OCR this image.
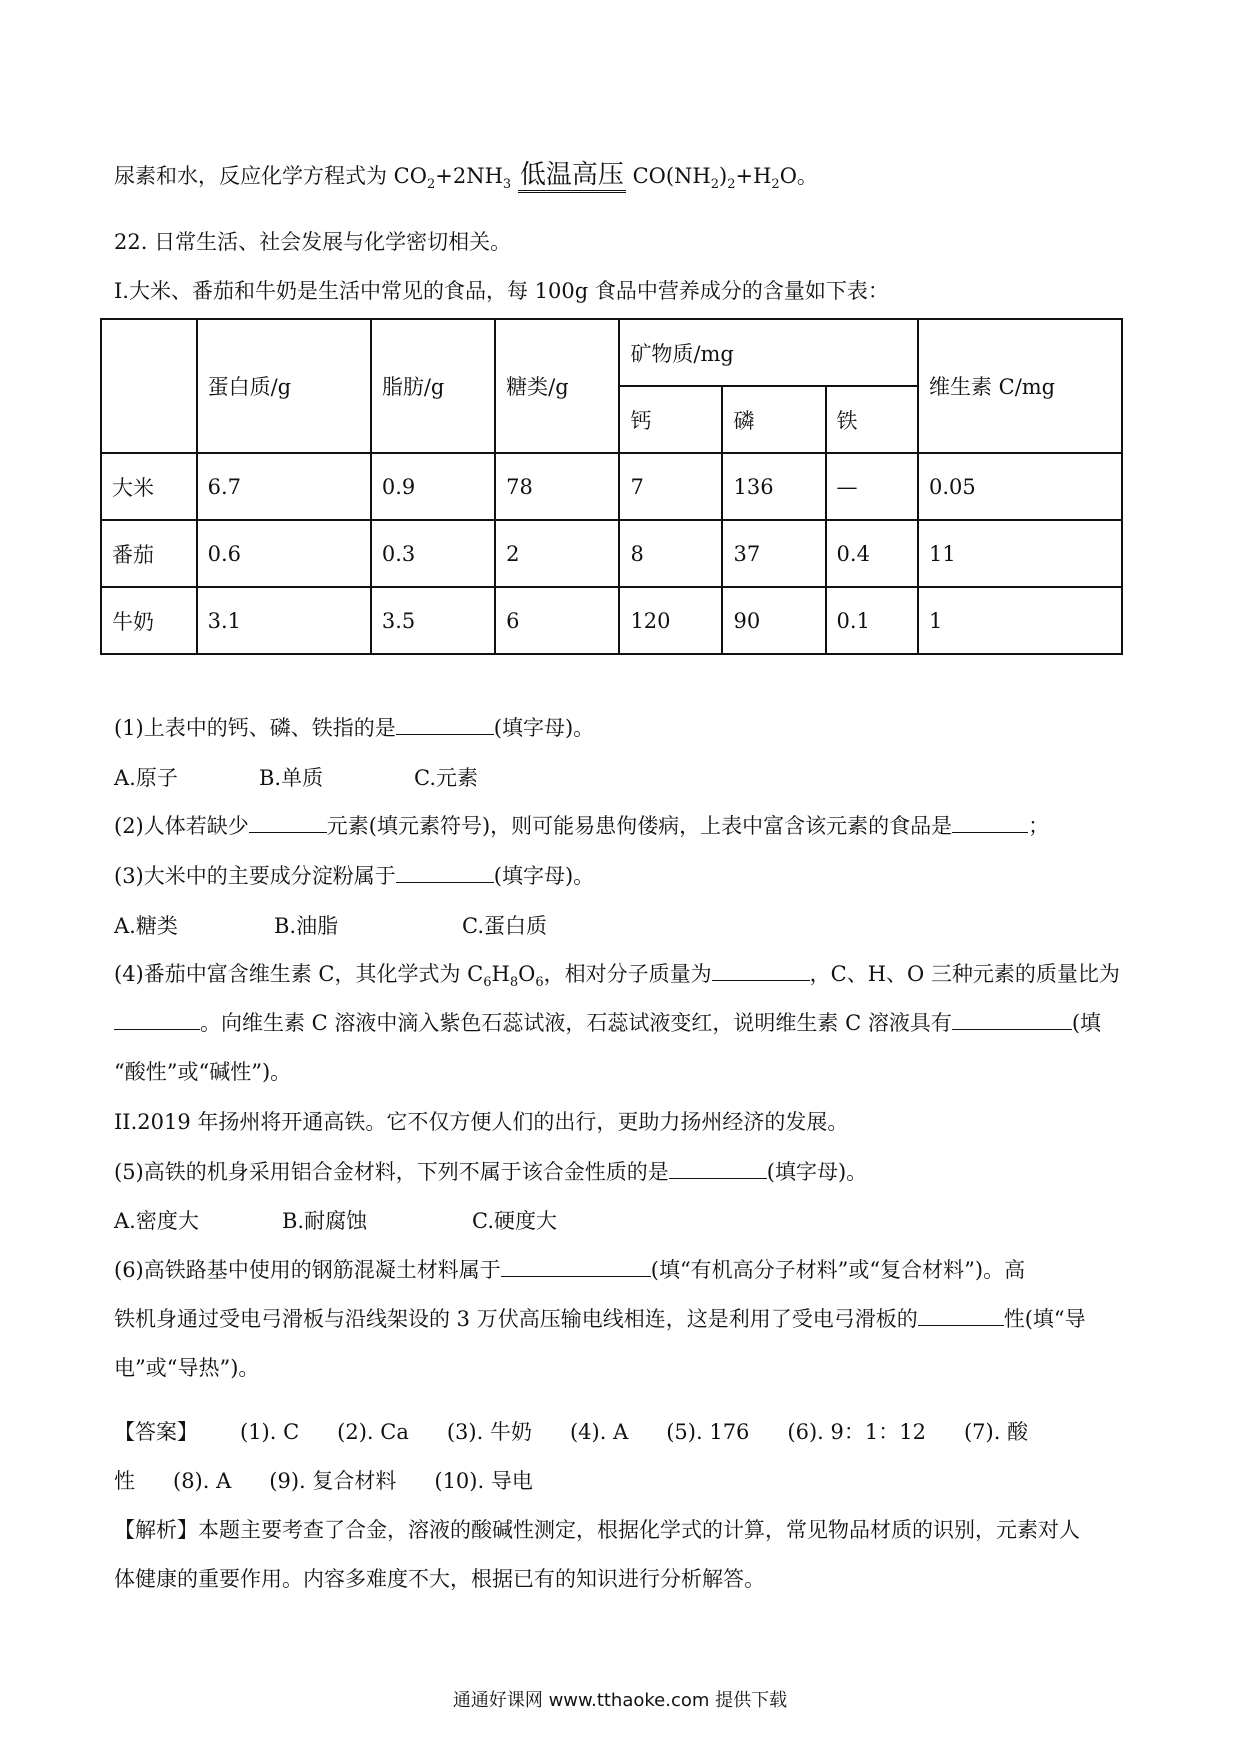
尿素和水，反应化学方程式为 $CO_2+2NH_3$ 低温高压 $CO(NH_2)_2+H_2O$。
22. 日常生活、社会发展与化学密切相关。
I.大米、番茄和牛奶是生活中常见的食品，每 100g 食品中营养成分的含量如下表：
	蛋白质/g	脂肪/g	糖类/g	矿物质/mg			维生素 C/mg
				钙	磷	铁	
大米	6.7	0.9	78	7	136	—	0.05
番茄	0.6	0.3	2	8	37	0.4	11
牛奶	3.1	3.5	6	120	90	0.1	1
(1)上表中的钙、磷、铁指的是	(填字母)。
A.原子	B.单质	C.元素
(2)人体若缺少	元素(填元素符号)，则可能易患佝偻病，上表中富含该元素的食品是	；
(3)大米中的主要成分淀粉属于	(填字母)。
A.糖类	B.油脂	C.蛋白质
(4)番茄中富含维生素 C，其化学式为 $C_6H_8O_6$，相对分子质量为	，C、H、O 三种元素的质量比为
。向维生素 C 溶液中滴入紫色石蕊试液，石蕊试液变红，说明维生素 C 溶液具有	(填
“酸性”或“碱性”)。
II.2019 年扬州将开通高铁。它不仅方便人们的出行，更助力扬州经济的发展。
(5)高铁的机身采用铝合金材料，下列不属于该合金性质的是	(填字母)。
A.密度大	B.耐腐蚀	C.硬度大
(6)高铁路基中使用的钢筋混凝土材料属于	(填“有机高分子材料”或“复合材料”)。高
铁机身通过受电弓滑板与沿线架设的 3 万伏高压输电线相连，这是利用了受电弓滑板的	性(填“导
电”或“导热”)。
【答案】 (1). C (2). Ca (3). 牛奶 (4). A (5). 176 (6). 9：1：12 (7). 酸
性 (8). A (9). 复合材料 (10). 导电
【解析】本题主要考查了合金，溶液的酸碱性测定，根据化学式的计算，常见物品材质的识别，元素对人
体健康的重要作用。内容多难度不大，根据已有的知识进行分析解答。
通通好课网 www.tthaoke.com 提供下载
